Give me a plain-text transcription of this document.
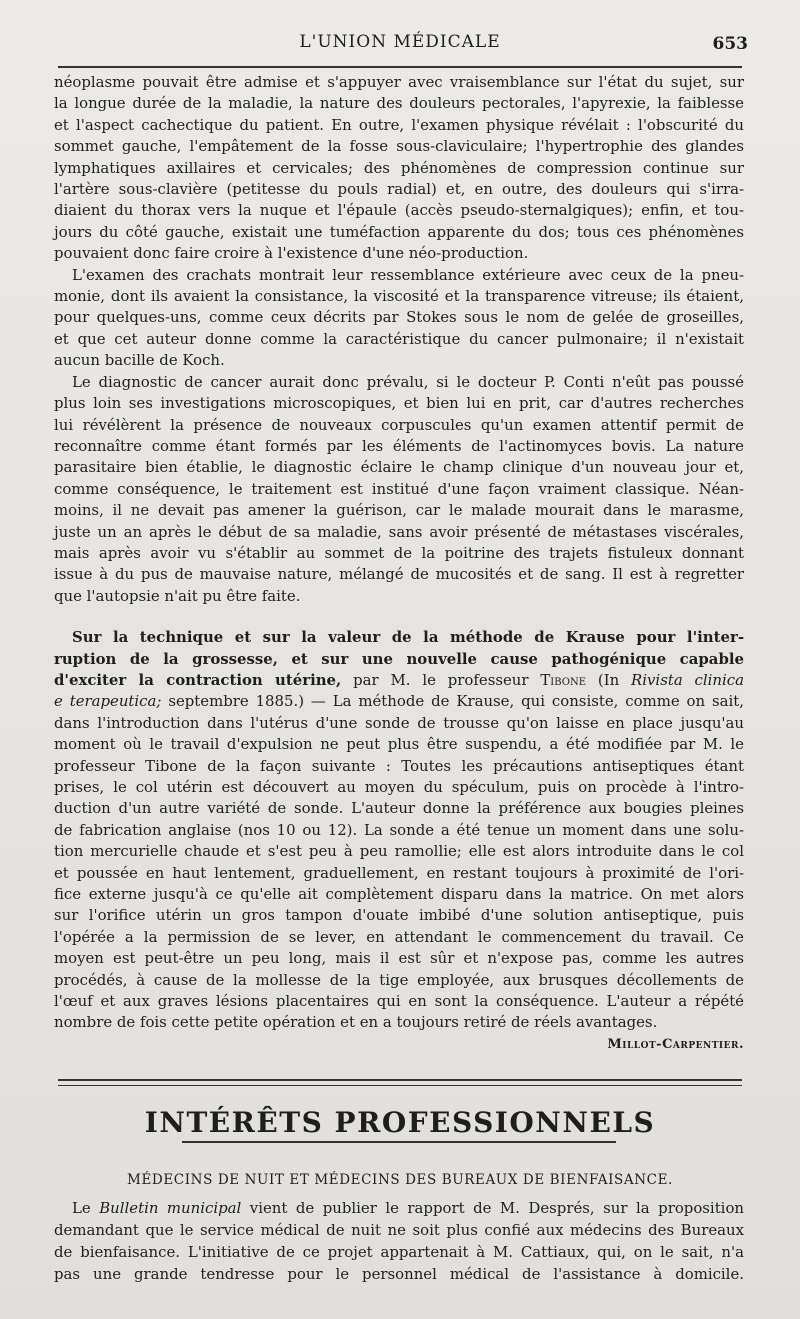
L'UNION MÉDICALE	653
néoplasme pouvait être admise et s'appuyer avec vraisemblance sur l'état du sujet, sur
la longue durée de la maladie, la nature des douleurs pectorales, l'apyrexie, la faiblesse
et l'aspect cachectique du patient. En outre, l'examen physique révélait : l'obscurité du
sommet gauche, l'empâtement de la fosse sous-claviculaire; l'hypertrophie des glandes
lymphatiques axillaires et cervicales; des phénomènes de compression continue sur
l'artère sous-clavière (petitesse du pouls radial) et, en outre, des douleurs qui s'irra-
diaient du thorax vers la nuque et l'épaule (accès pseudo-sternalgiques); enfin, et tou-
jours du côté gauche, existait une tuméfaction apparente du dos; tous ces phénomènes
pouvaient donc faire croire à l'existence d'une néo-production.
L'examen des crachats montrait leur ressemblance extérieure avec ceux de la pneu-
monie, dont ils avaient la consistance, la viscosité et la transparence vitreuse; ils étaient,
pour quelques-uns, comme ceux décrits par Stokes sous le nom de gelée de groseilles,
et que cet auteur donne comme la caractéristique du cancer pulmonaire; il n'existait
aucun bacille de Koch.
Le diagnostic de cancer aurait donc prévalu, si le docteur P. Conti n'eût pas poussé
plus loin ses investigations microscopiques, et bien lui en prit, car d'autres recherches
lui révélèrent la présence de nouveaux corpuscules qu'un examen attentif permit de
reconnaître comme étant formés par les éléments de l'actinomyces bovis. La nature
parasitaire bien établie, le diagnostic éclaire le champ clinique d'un nouveau jour et,
comme conséquence, le traitement est institué d'une façon vraiment classique. Néan-
moins, il ne devait pas amener la guérison, car le malade mourait dans le marasme,
juste un an après le début de sa maladie, sans avoir présenté de métastases viscérales,
mais après avoir vu s'établir au sommet de la poitrine des trajets fistuleux donnant
issue à du pus de mauvaise nature, mélangé de mucosités et de sang. Il est à regretter
que l'autopsie n'ait pu être faite.
Sur la technique et sur la valeur de la méthode de Krause pour l'inter-
ruption de la grossesse, et sur une nouvelle cause pathogénique capable
d'exciter la contraction utérine, par M. le professeur Tibone (In Rivista clinica
e terapeutica; septembre 1885.) — La méthode de Krause, qui consiste, comme on sait,
dans l'introduction dans l'utérus d'une sonde de trousse qu'on laisse en place jusqu'au
moment où le travail d'expulsion ne peut plus être suspendu, a été modifiée par M. le
professeur Tibone de la façon suivante : Toutes les précautions antiseptiques étant
prises, le col utérin est découvert au moyen du spéculum, puis on procède à l'intro-
duction d'un autre variété de sonde. L'auteur donne la préférence aux bougies pleines
de fabrication anglaise (nos 10 ou 12). La sonde a été tenue un moment dans une solu-
tion mercurielle chaude et s'est peu à peu ramollie; elle est alors introduite dans le col
et poussée en haut lentement, graduellement, en restant toujours à proximité de l'ori-
fice externe jusqu'à ce qu'elle ait complètement disparu dans la matrice. On met alors
sur l'orifice utérin un gros tampon d'ouate imbibé d'une solution antiseptique, puis
l'opérée a la permission de se lever, en attendant le commencement du travail. Ce
moyen est peut-être un peu long, mais il est sûr et n'expose pas, comme les autres
procédés, à cause de la mollesse de la tige employée, aux brusques décollements de
l'œuf et aux graves lésions placentaires qui en sont la conséquence. L'auteur a répété
nombre de fois cette petite opération et en a toujours retiré de réels avantages.
Millot-Carpentier.
INTÉRÊTS PROFESSIONNELS
MÉDECINS DE NUIT ET MÉDECINS DES BUREAUX DE BIENFAISANCE.
Le Bulletin municipal vient de publier le rapport de M. Després, sur la proposition
demandant que le service médical de nuit ne soit plus confié aux médecins des Bureaux
de bienfaisance. L'initiative de ce projet appartenait à M. Cattiaux, qui, on le sait, n'a
pas une grande tendresse pour le personnel médical de l'assistance à domicile.
